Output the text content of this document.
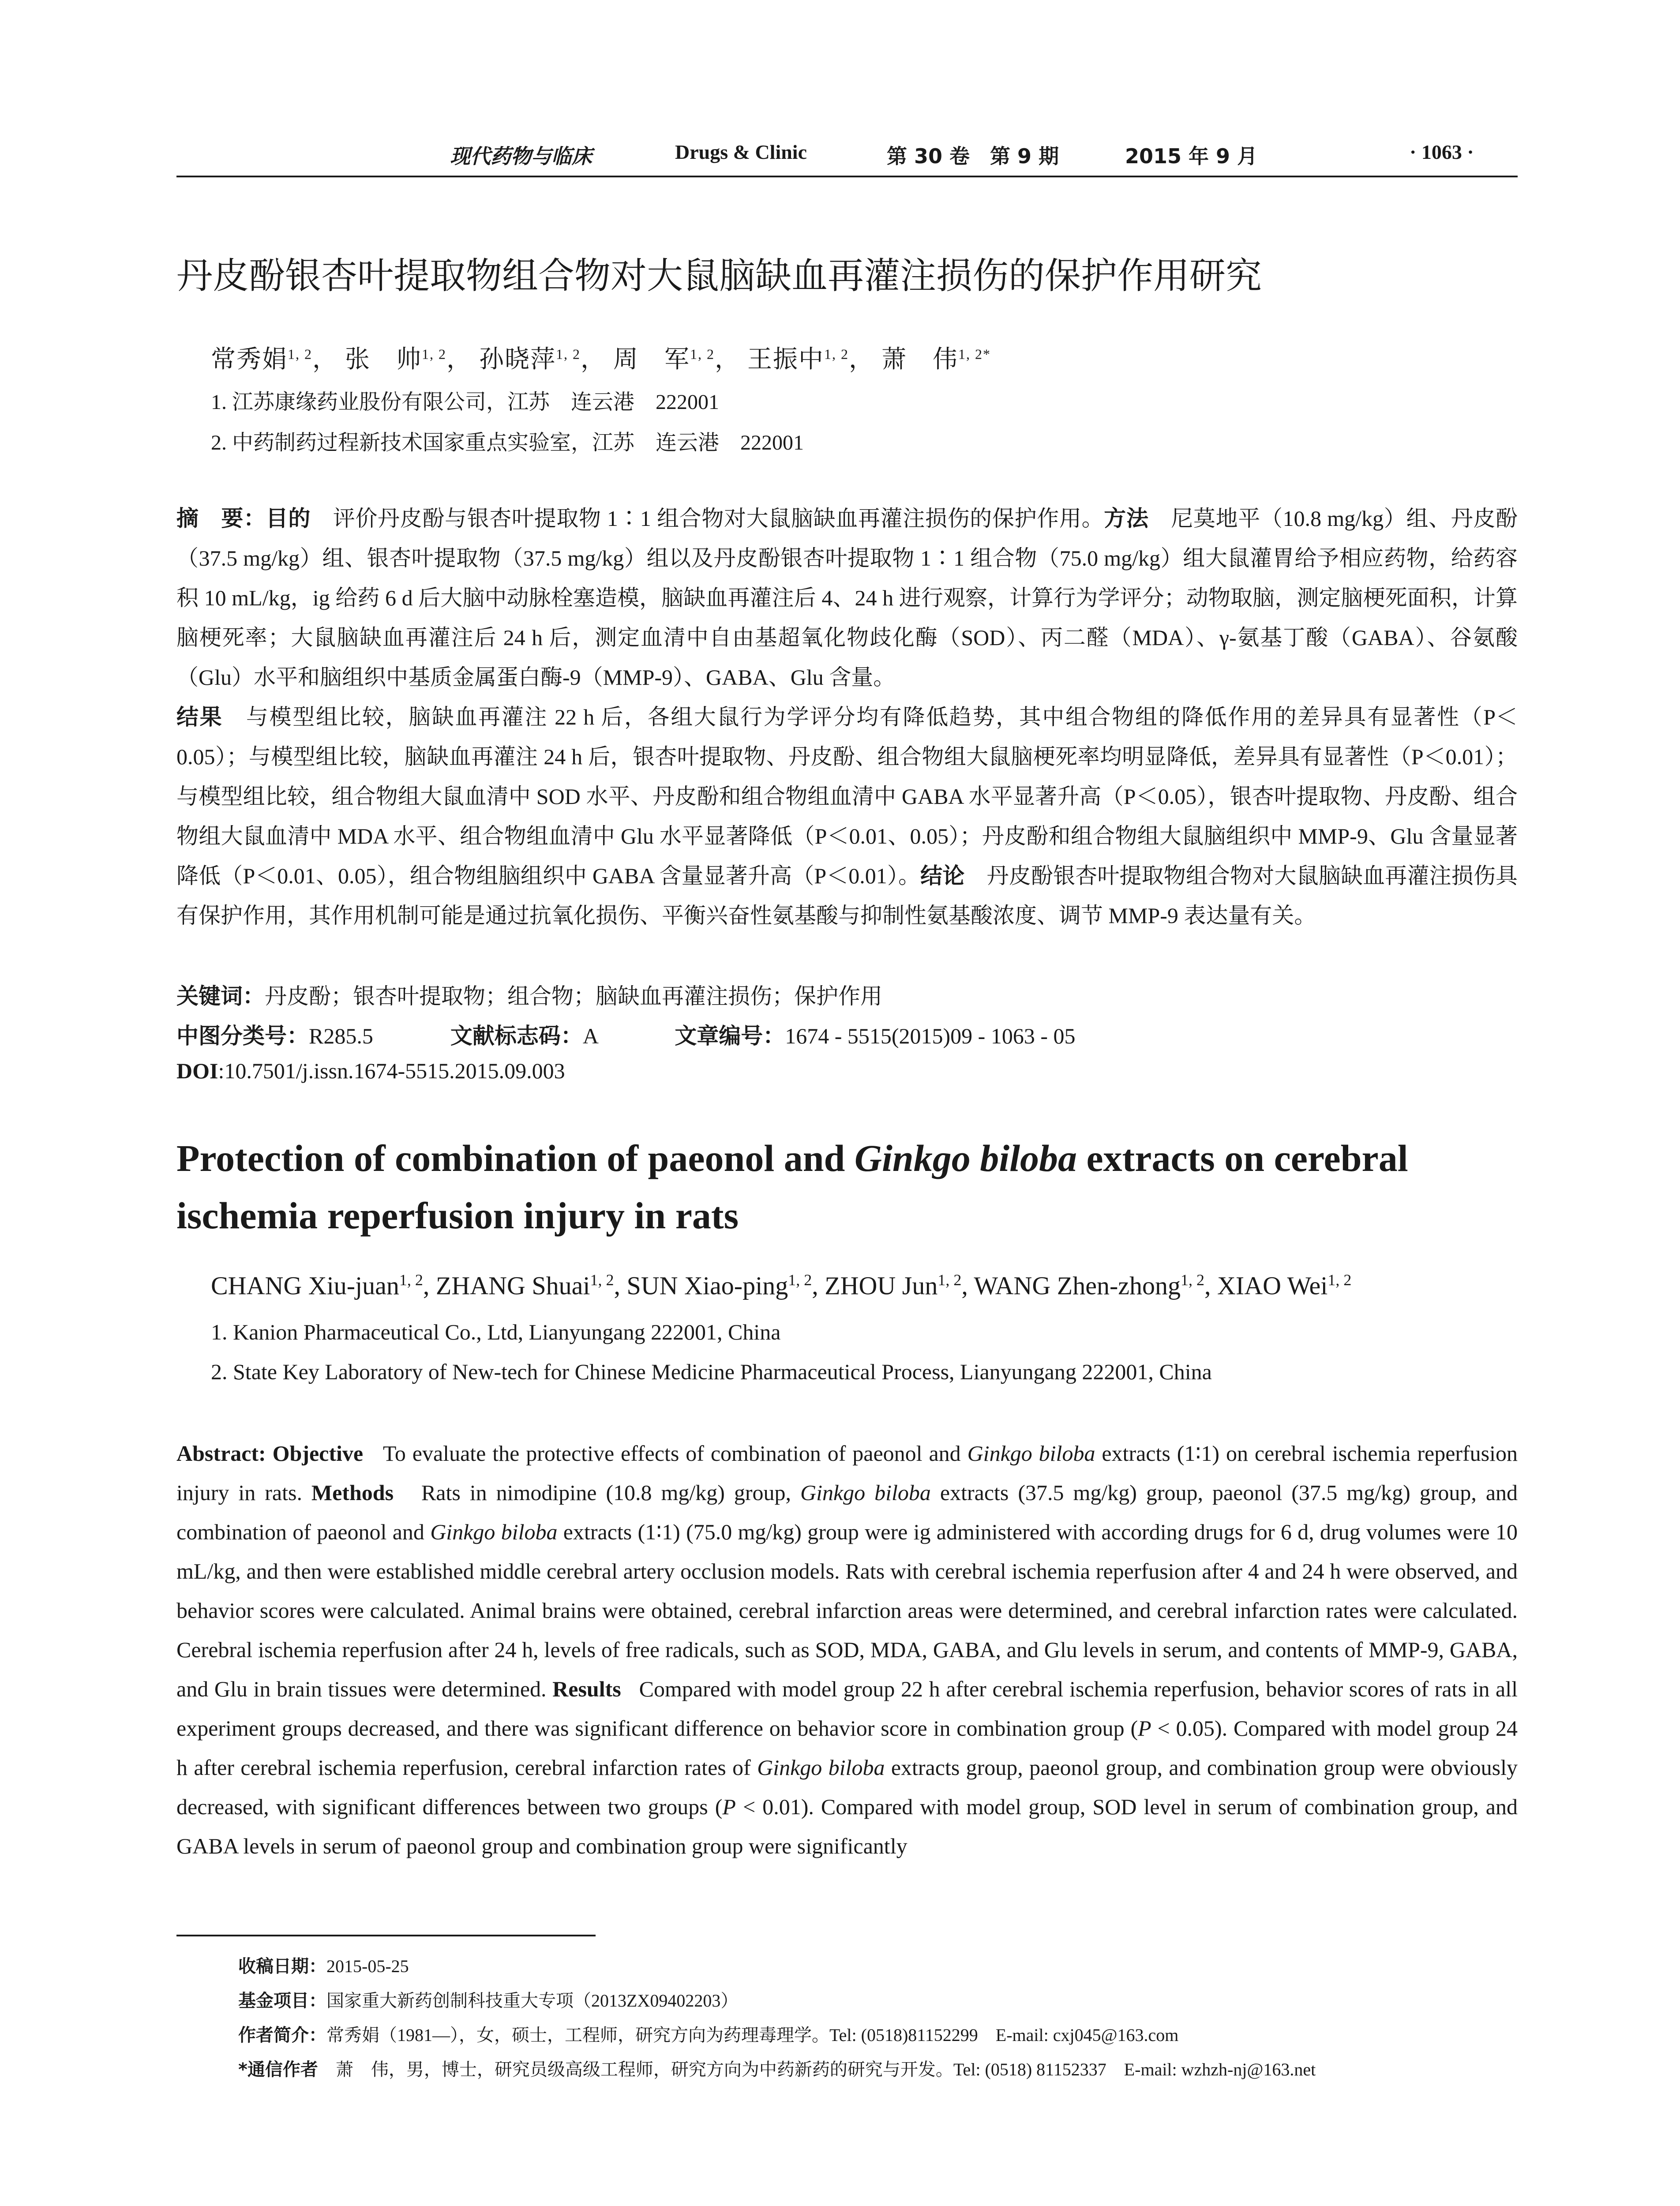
现代药物与临床	Drugs & Clinic	第 30 卷　第 9 期	2015 年 9 月	· 1063 ·
丹皮酚银杏叶提取物组合物对大鼠脑缺血再灌注损伤的保护作用研究
常秀娟$^{1, 2}$， 张　帅$^{1, 2}$， 孙晓萍$^{1, 2}$， 周　军$^{1, 2}$， 王振中$^{1, 2}$， 萧　伟$^{1, 2*}$
1. 江苏康缘药业股份有限公司，江苏　连云港　222001
2. 中药制药过程新技术国家重点实验室，江苏　连云港　222001
摘　要：目的　 评价丹皮酚与银杏叶提取物 1∶1 组合物对大鼠脑缺血再灌注损伤的保护作用。方法　 尼莫地平（10.8 mg/kg）组、丹皮酚（37.5 mg/kg）组、银杏叶提取物（37.5 mg/kg）组以及丹皮酚银杏叶提取物 1∶1 组合物（75.0 mg/kg）组大鼠灌胃给予相应药物，给药容积 10 mL/kg，ig 给药 6 d 后大脑中动脉栓塞造模，脑缺血再灌注后 4、24 h 进行观察，计算行为学评分；动物取脑，测定脑梗死面积，计算脑梗死率；大鼠脑缺血再灌注后 24 h 后，测定血清中自由基超氧化物歧化酶（SOD）、丙二醛（MDA）、γ-氨基丁酸（GABA）、谷氨酸（Glu）水平和脑组织中基质金属蛋白酶-9（MMP-9）、GABA、Glu 含量。
结果　 与模型组比较，脑缺血再灌注 22 h 后，各组大鼠行为学评分均有降低趋势，其中组合物组的降低作用的差异具有显著性（P＜0.05）；与模型组比较，脑缺血再灌注 24 h 后，银杏叶提取物、丹皮酚、组合物组大鼠脑梗死率均明显降低，差异具有显著性（P＜0.01）；与模型组比较，组合物组大鼠血清中 SOD 水平、丹皮酚和组合物组血清中 GABA 水平显著升高（P＜0.05），银杏叶提取物、丹皮酚、组合物组大鼠血清中 MDA 水平、组合物组血清中 Glu 水平显著降低（P＜0.01、0.05）；丹皮酚和组合物组大鼠脑组织中 MMP-9、Glu 含量显著降低（P＜0.01、0.05），组合物组脑组织中 GABA 含量显著升高（P＜0.01）。结论　 丹皮酚银杏叶提取物组合物对大鼠脑缺血再灌注损伤具有保护作用，其作用机制可能是通过抗氧化损伤、平衡兴奋性氨基酸与抑制性氨基酸浓度、调节 MMP-9 表达量有关。
关键词：丹皮酚；银杏叶提取物；组合物；脑缺血再灌注损伤；保护作用
中图分类号：R285.5	文献标志码：A	文章编号：1674 - 5515(2015)09 - 1063 - 05
DOI:10.7501/j.issn.1674-5515.2015.09.003
Protection of combination of paeonol and Ginkgo biloba extracts on cerebral ischemia reperfusion injury in rats
CHANG Xiu-juan$^{1, 2}$, ZHANG Shuai$^{1, 2}$, SUN Xiao-ping$^{1, 2}$, ZHOU Jun$^{1, 2}$, WANG Zhen-zhong$^{1, 2}$, XIAO Wei$^{1, 2}$
1. Kanion Pharmaceutical Co., Ltd, Lianyungang 222001, China
2. State Key Laboratory of New-tech for Chinese Medicine Pharmaceutical Process, Lianyungang 222001, China
Abstract: Objective To evaluate the protective effects of combination of paeonol and Ginkgo biloba extracts (1∶1) on cerebral ischemia reperfusion injury in rats. Methods Rats in nimodipine (10.8 mg/kg) group, Ginkgo biloba extracts (37.5 mg/kg) group, paeonol (37.5 mg/kg) group, and combination of paeonol and Ginkgo biloba extracts (1∶1) (75.0 mg/kg) group were ig administered with according drugs for 6 d, drug volumes were 10 mL/kg, and then were established middle cerebral artery occlusion models. Rats with cerebral ischemia reperfusion after 4 and 24 h were observed, and behavior scores were calculated. Animal brains were obtained, cerebral infarction areas were determined, and cerebral infarction rates were calculated. Cerebral ischemia reperfusion after 24 h, levels of free radicals, such as SOD, MDA, GABA, and Glu levels in serum, and contents of MMP-9, GABA, and Glu in brain tissues were determined. Results Compared with model group 22 h after cerebral ischemia reperfusion, behavior scores of rats in all experiment groups decreased, and there was significant difference on behavior score in combination group (P < 0.05). Compared with model group 24 h after cerebral ischemia reperfusion, cerebral infarction rates of Ginkgo biloba extracts group, paeonol group, and combination group were obviously decreased, with significant differences between two groups (P < 0.01). Compared with model group, SOD level in serum of combination group, and GABA levels in serum of paeonol group and combination group were significantly
收稿日期：2015-05-25
基金项目：国家重大新药创制科技重大专项（2013ZX09402203）
作者简介：常秀娟（1981—），女，硕士，工程师，研究方向为药理毒理学。Tel: (0518)81152299　E-mail: cxj045@163.com
*通信作者　萧　伟，男，博士，研究员级高级工程师，研究方向为中药新药的研究与开发。Tel: (0518) 81152337　E-mail: wzhzh-nj@163.net
